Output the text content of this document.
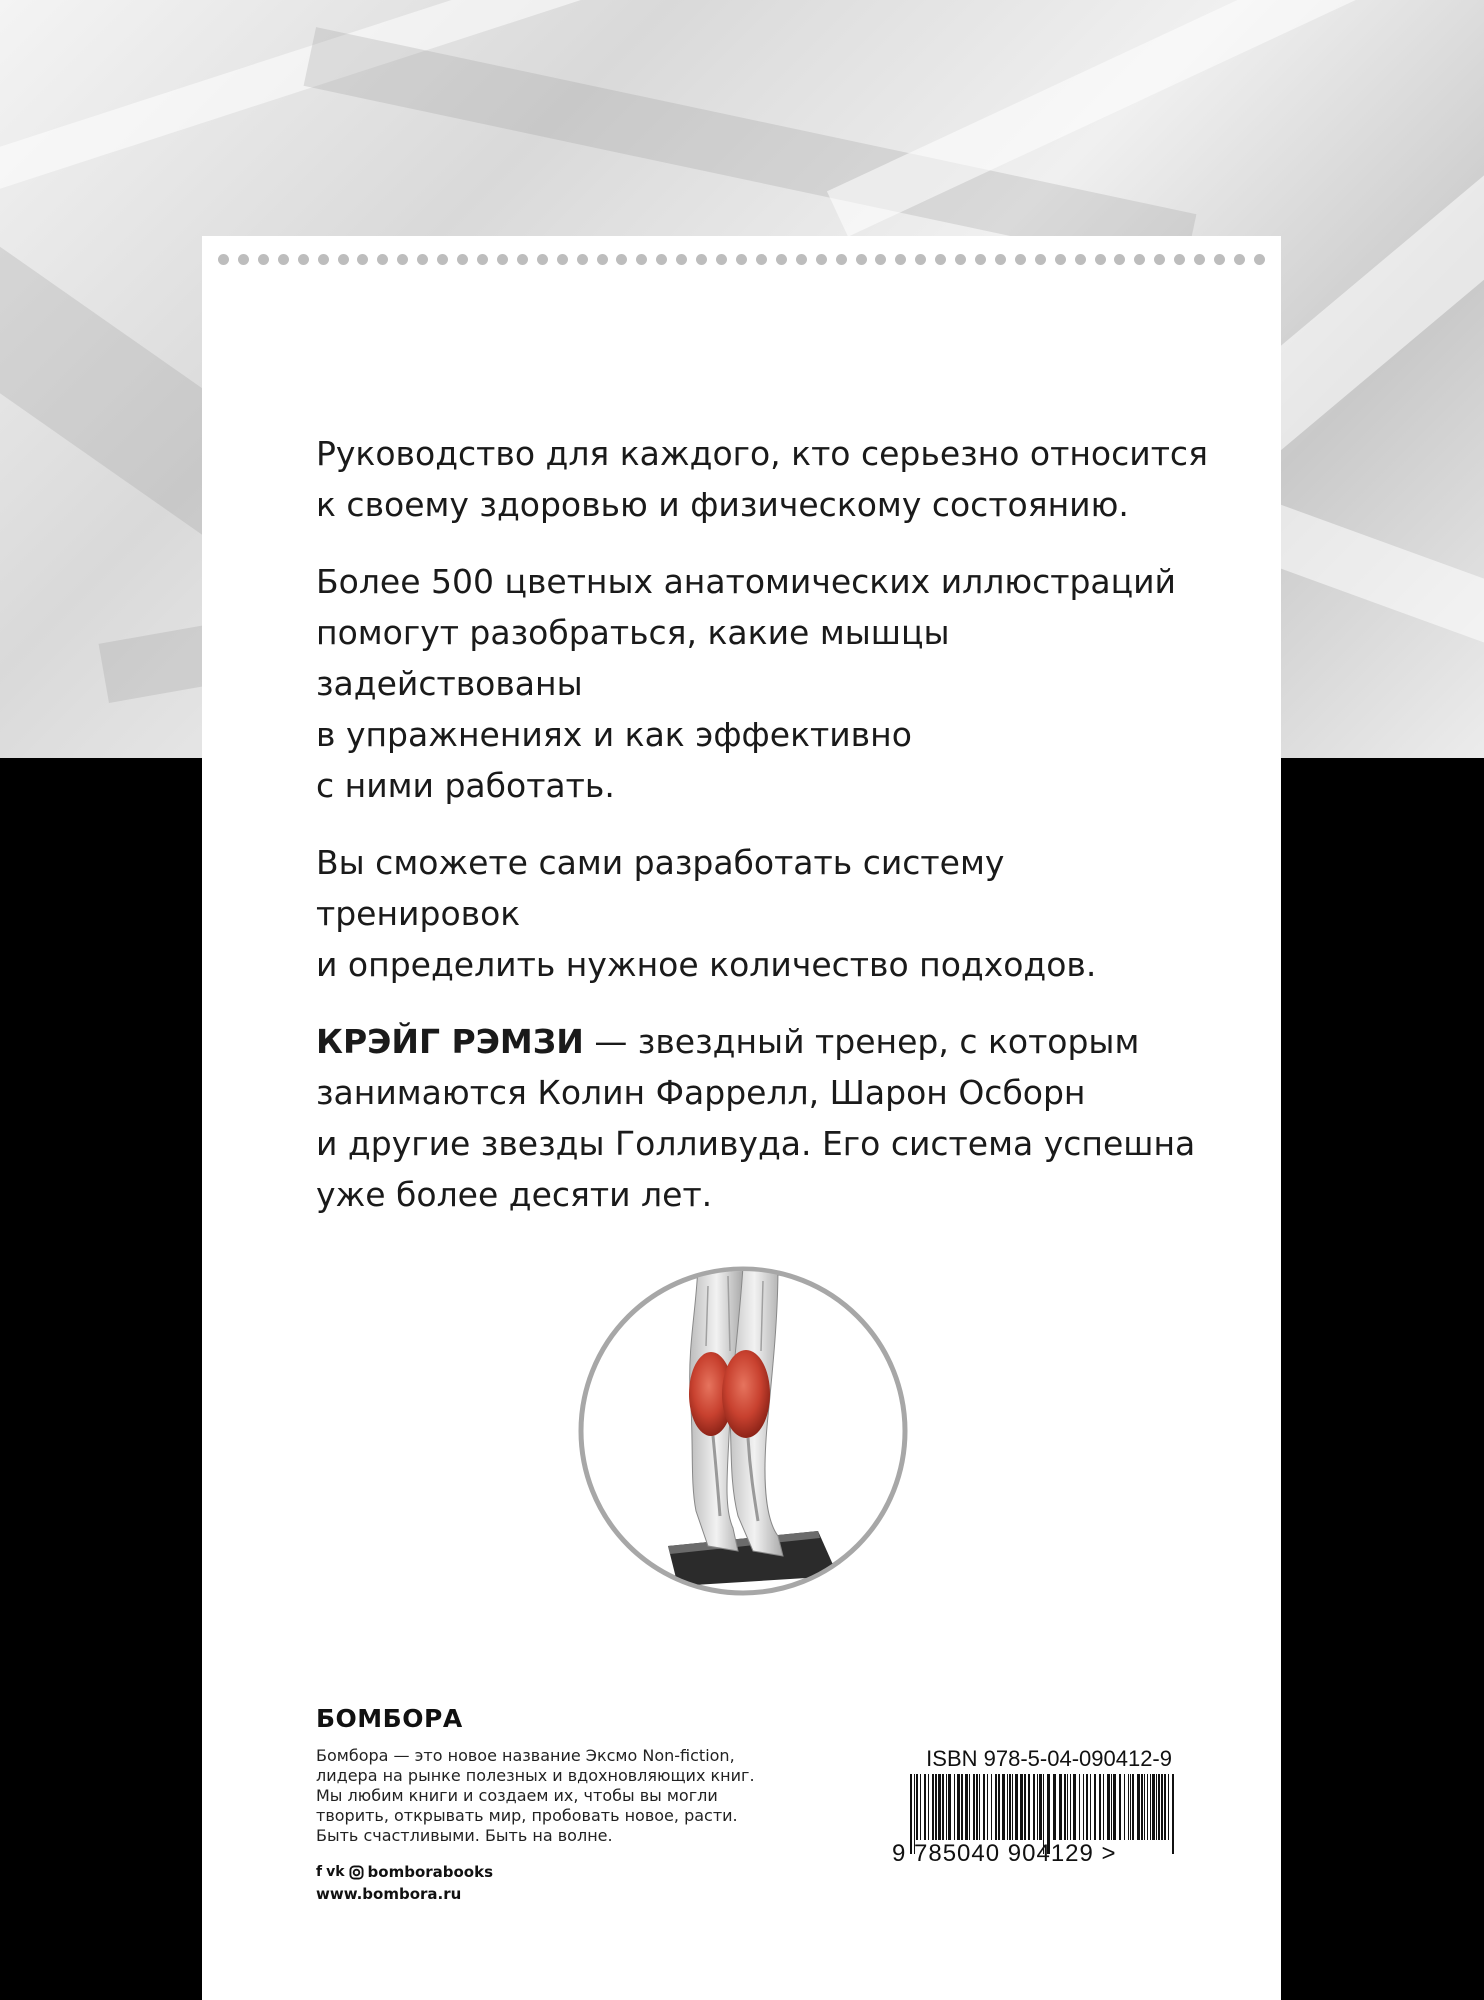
Руководство для каждого, кто серьезно относится
к своему здоровью и физическому состоянию.

Более 500 цветных анатомических иллюстраций
помогут разобраться, какие мышцы задействованы
в упражнениях и как эффективно
с ними работать.

Вы сможете сами разработать систему тренировок
и определить нужное количество подходов.

КРЭЙГ РЭМЗИ — звездный тренер, с которым
занимаются Колин Фаррелл, Шарон Осборн
и другие звезды Голливуда. Его система успешна
уже более десяти лет.

БОМБОРА
Бомбора — это новое название Эксмо Non-fiction,
лидера на рынке полезных и вдохновляющих книг.
Мы любим книги и создаем их, чтобы вы могли
творить, открывать мир, пробовать новое, расти.
Быть счастливыми. Быть на волне.
f vk bomborabooks
www.bombora.ru
ISBN 978-5-04-090412-9
9 785040 904129 >
